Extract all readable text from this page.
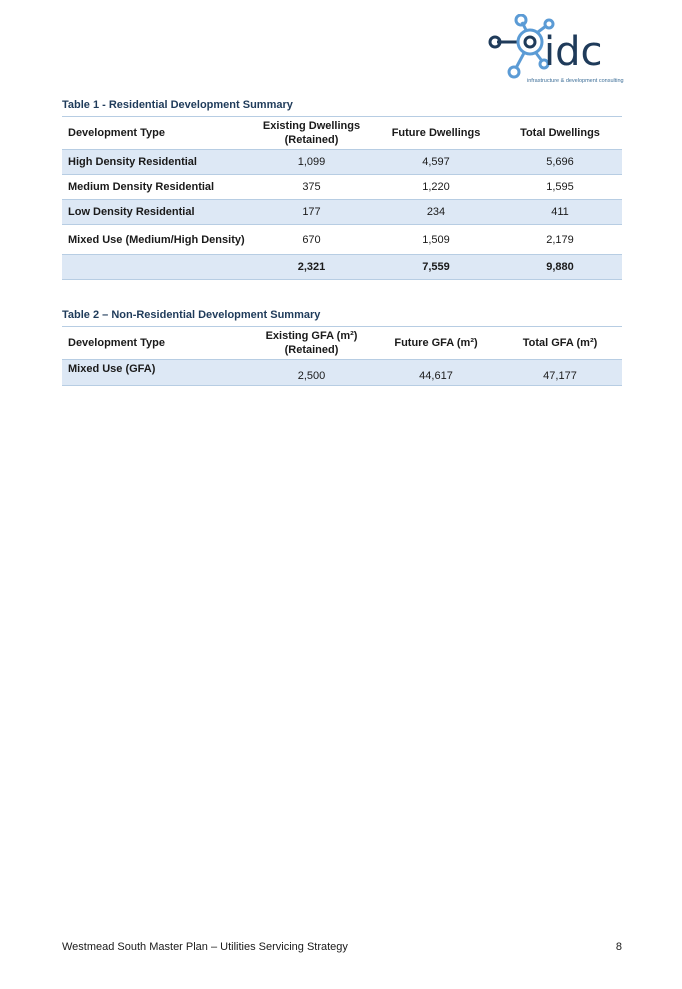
idc
infrastructure & development consulting
Table 1 - Residential Development Summary
Development Type	Existing Dwellings (Retained)	Future Dwellings	Total Dwellings
High Density Residential	1,099	4,597	5,696
Medium Density Residential	375	1,220	1,595
Low Density Residential	177	234	411
Mixed Use (Medium/High Density)	670	1,509	2,179
	2,321	7,559	9,880
Table 2 – Non-Residential Development Summary
Development Type	Existing GFA (m²) (Retained)	Future GFA (m²)	Total GFA (m²)
Mixed Use (GFA)	2,500	44,617	47,177
Westmead South Master Plan – Utilities Servicing Strategy	8
